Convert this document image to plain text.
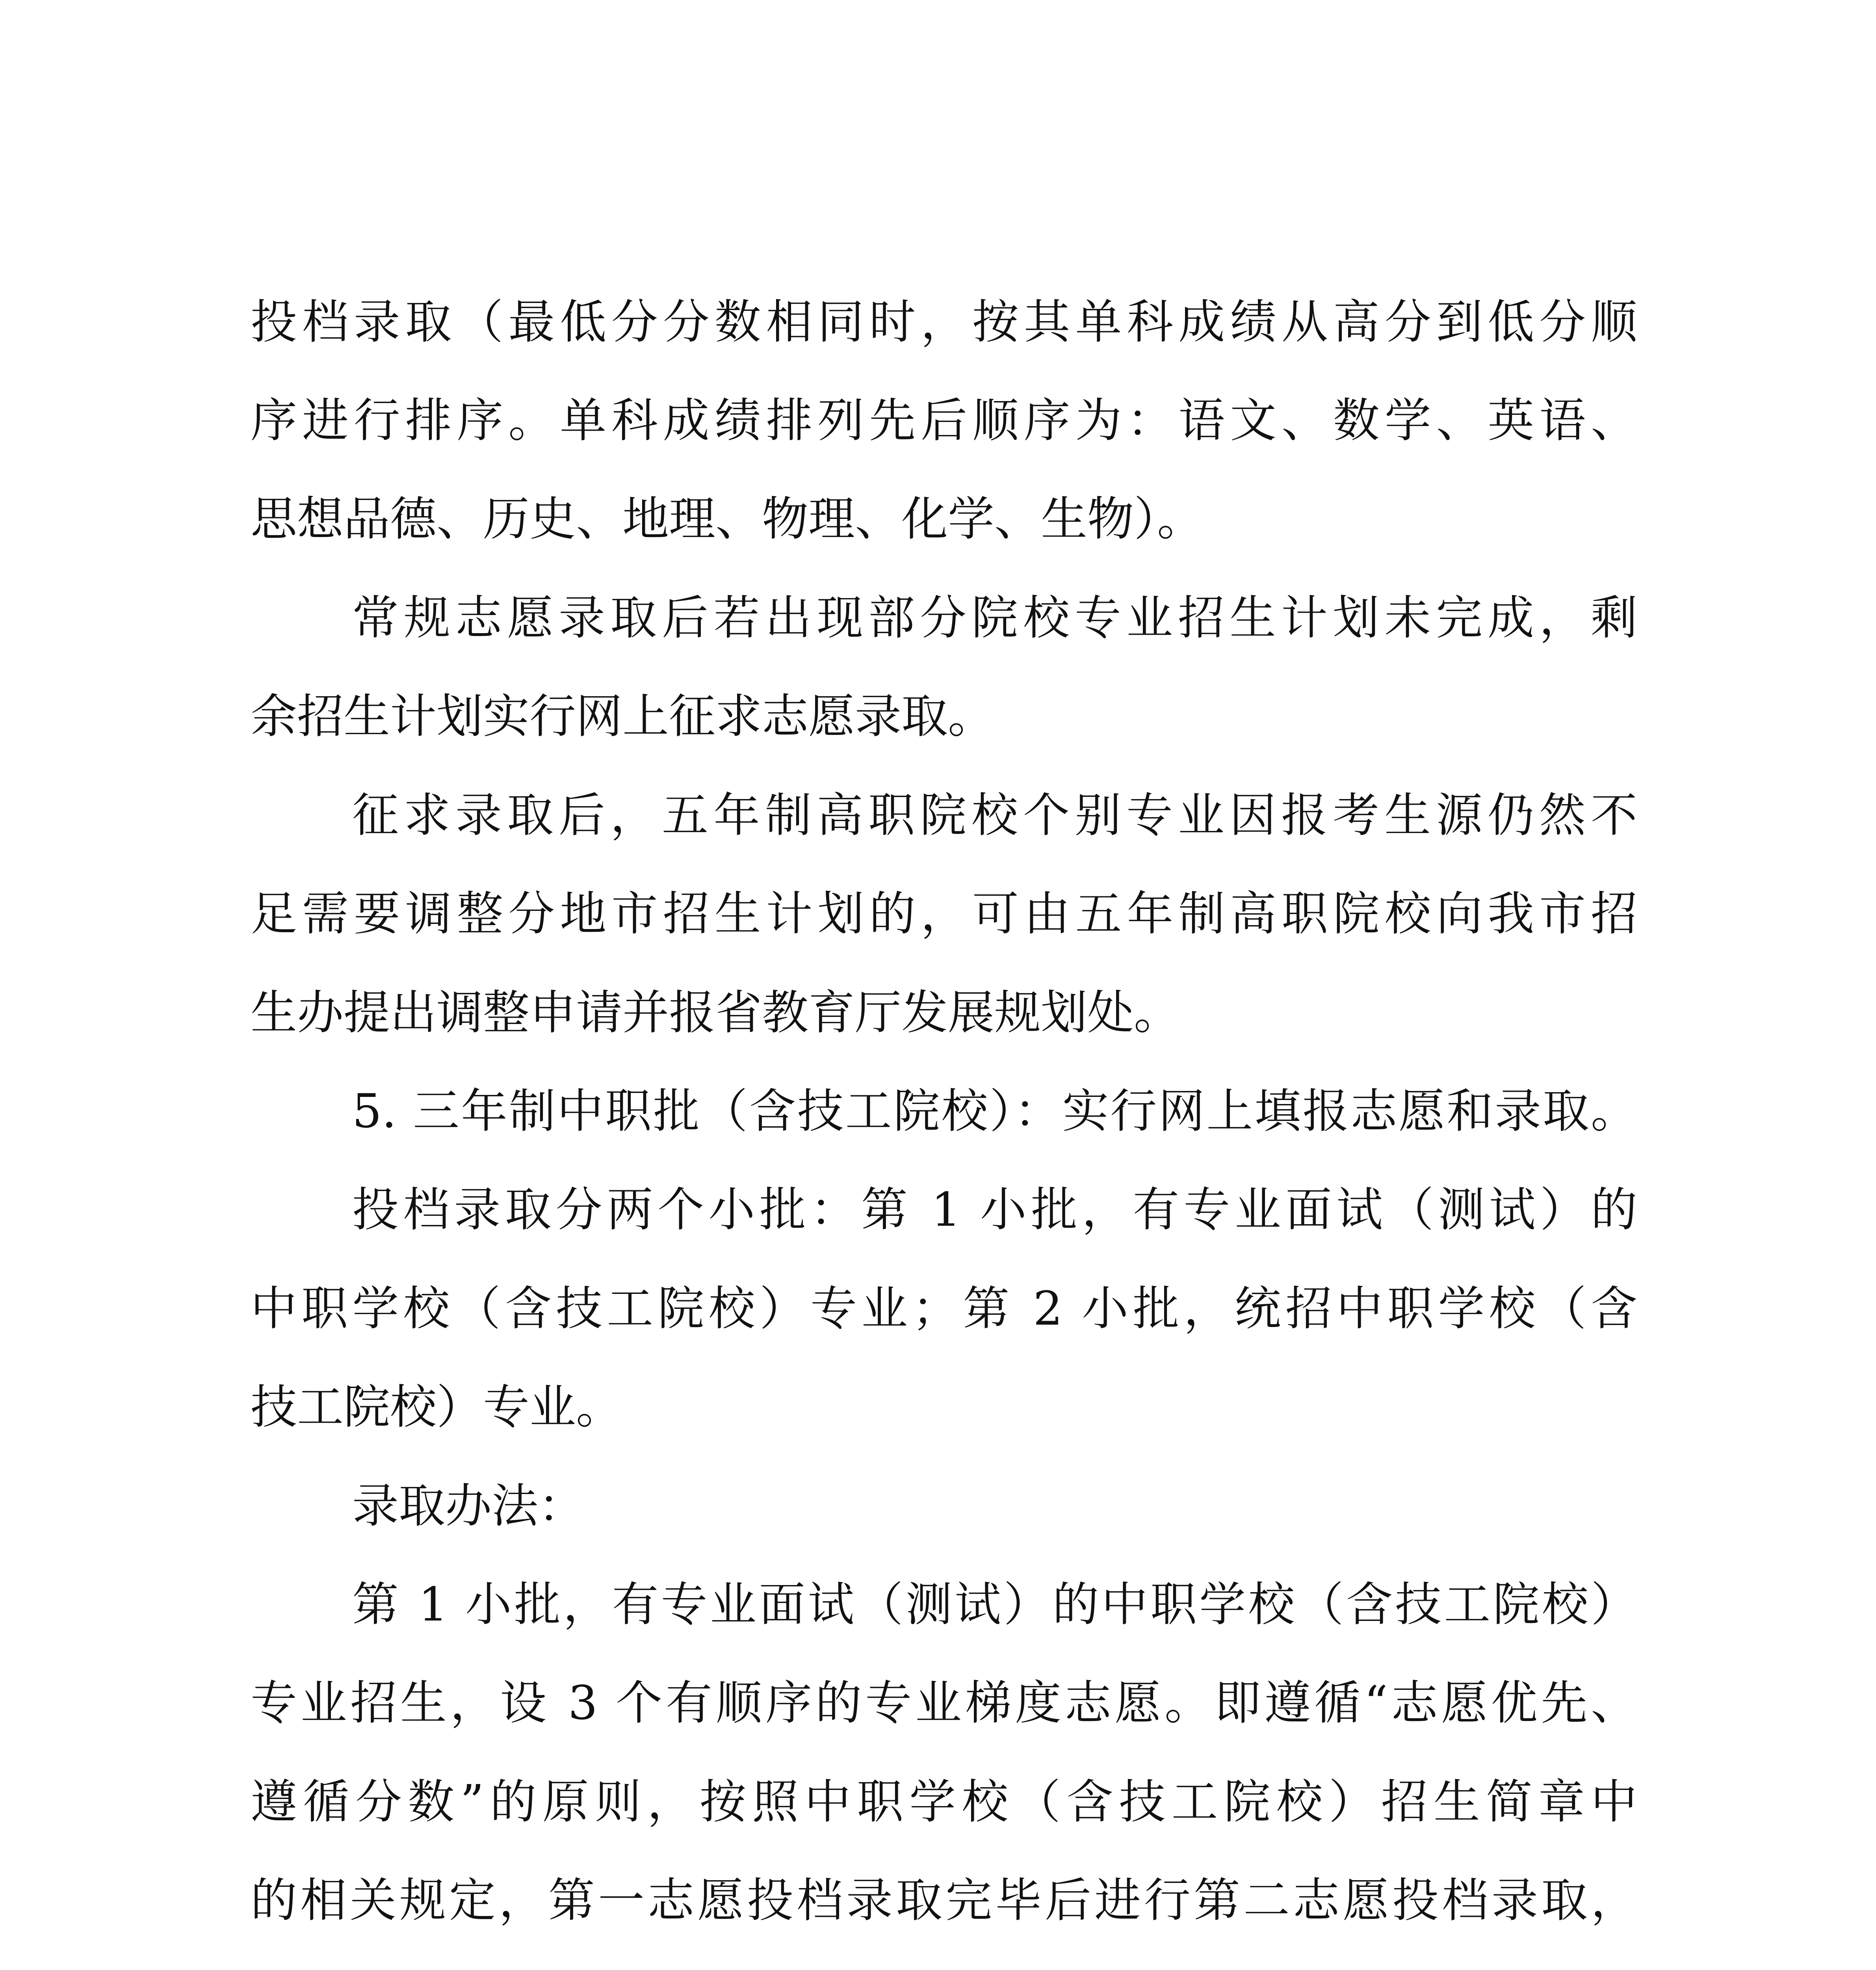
投档录取（最低分分数相同时，按其单科成绩从高分到低分顺

序进行排序。单科成绩排列先后顺序为：语文、数学、英语、

思想品德、历史、地理、物理、化学、生物）。

常规志愿录取后若出现部分院校专业招生计划未完成，剩

余招生计划实行网上征求志愿录取。

征求录取后，五年制高职院校个别专业因报考生源仍然不

足需要调整分地市招生计划的，可由五年制高职院校向我市招

生办提出调整申请并报省教育厅发展规划处。

5. 三年制中职批（含技工院校）：实行网上填报志愿和录取。

投档录取分两个小批：第 1 小批，有专业面试（测试）的

中职学校（含技工院校）专业；第 2 小批，统招中职学校（含

技工院校）专业。

录取办法：

第 1 小批，有专业面试（测试）的中职学校（含技工院校）

专业招生，设 3 个有顺序的专业梯度志愿。即遵循“志愿优先、

遵循分数”的原则，按照中职学校（含技工院校）招生简章中

的相关规定，第一志愿投档录取完毕后进行第二志愿投档录取，
